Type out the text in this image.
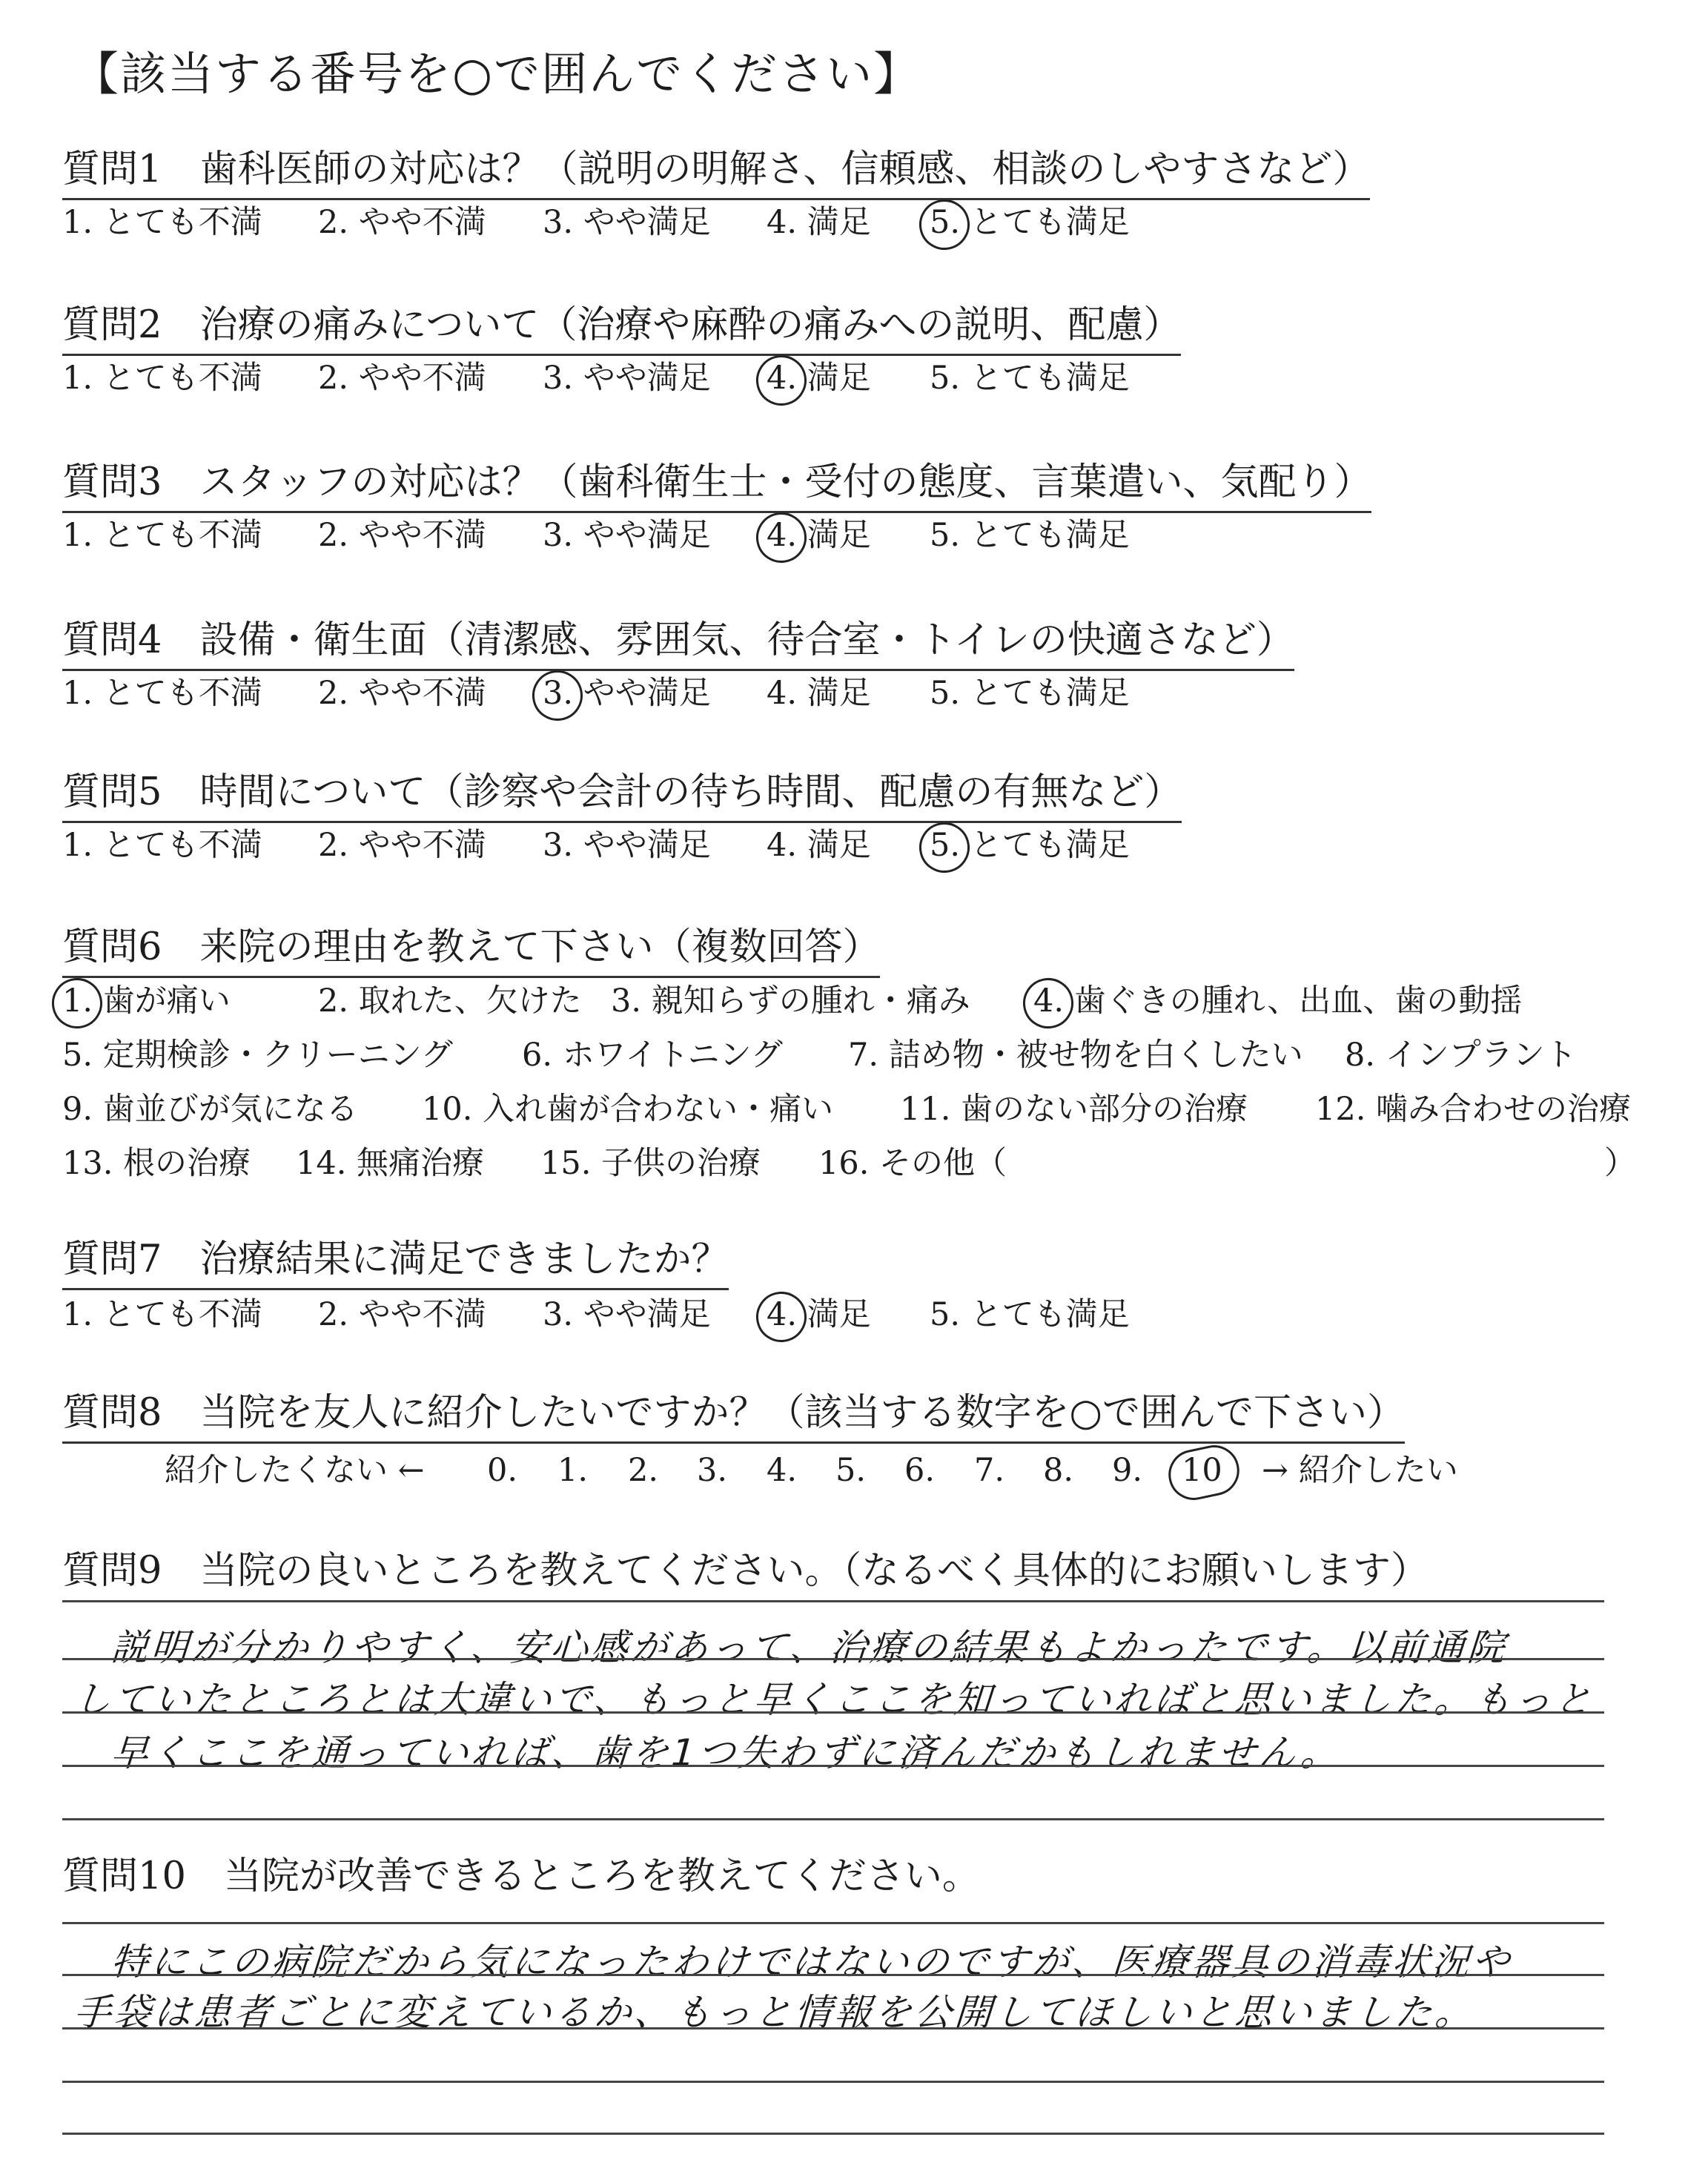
【該当する番号を○で囲んでください】
質問1　歯科医師の対応は？（説明の明解さ、信頼感、相談のしやすさなど）
1. とても不満 2. やや不満 3. やや満足 4. 満足 5. とても満足
質問2　治療の痛みについて（治療や麻酔の痛みへの説明、配慮）
1. とても不満 2. やや不満 3. やや満足 4. 満足 5. とても満足
質問3　スタッフの対応は？（歯科衛生士・受付の態度、言葉遣い、気配り）
1. とても不満 2. やや不満 3. やや満足 4. 満足 5. とても満足
質問4　設備・衛生面（清潔感、雰囲気、待合室・トイレの快適さなど）
1. とても不満 2. やや不満 3. やや満足 4. 満足 5. とても満足
質問5　時間について（診察や会計の待ち時間、配慮の有無など）
1. とても不満 2. やや不満 3. やや満足 4. 満足 5. とても満足
質問6　来院の理由を教えて下さい（複数回答）
1. 歯が痛い	2. 取れた、欠けた 3. 親知らずの腫れ・痛み 4. 歯ぐきの腫れ、出血、歯の動揺
5. 定期検診・クリーニング 6. ホワイトニング 7. 詰め物・被せ物を白くしたい 8. インプラント
9. 歯並びが気になる 10. 入れ歯が合わない・痛い 11. 歯のない部分の治療 12. 噛み合わせの治療
13. 根の治療 14. 無痛治療 15. 子供の治療 16. その他（	）
質問7　治療結果に満足できましたか？
1. とても不満 2. やや不満 3. やや満足 4. 満足 5. とても満足
質問8　当院を友人に紹介したいですか？（該当する数字を○で囲んで下さい）
紹介したくない ← 0. 1. 2. 3. 4. 5. 6. 7. 8. 9. 10 → 紹介したい
質問9　当院の良いところを教えてください。（なるべく具体的にお願いします）
説明が分かりやすく、安心感があって、治療の結果もよかったです。以前通院
していたところとは大違いで、もっと早くここを知っていればと思いました。もっと
早くここを通っていれば、歯を1つ失わずに済んだかもしれません。
質問10　当院が改善できるところを教えてください。
特にこの病院だから気になったわけではないのですが、医療器具の消毒状況や
手袋は患者ごとに変えているか、もっと情報を公開してほしいと思いました。
